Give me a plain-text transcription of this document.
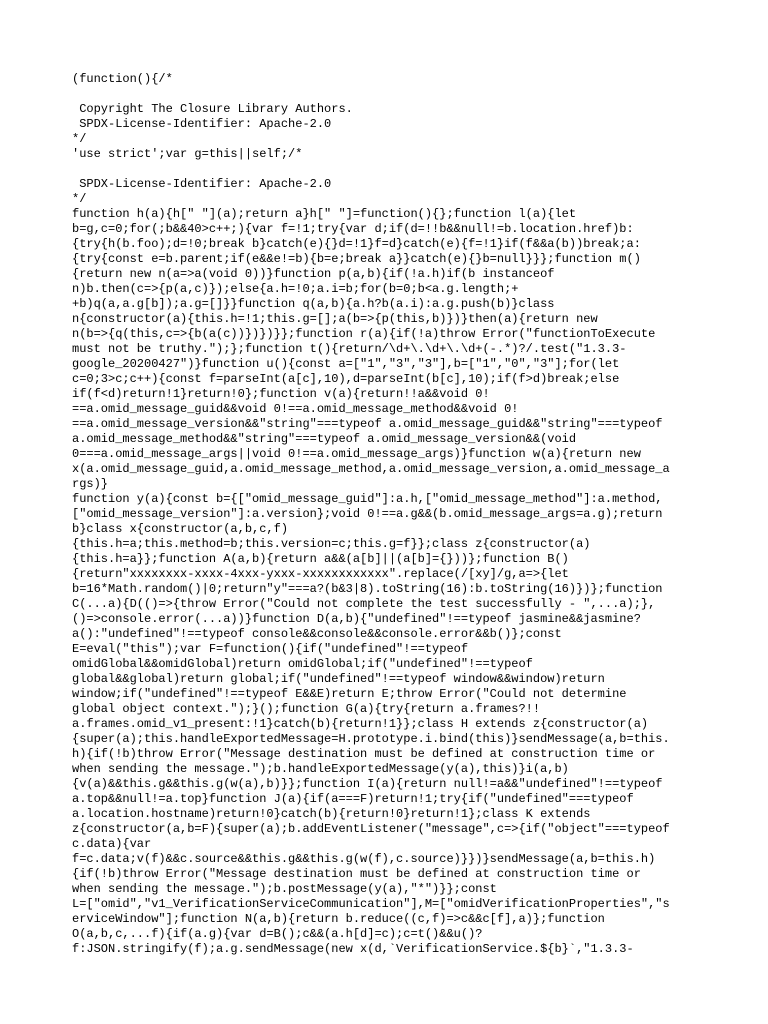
(function(){/*
Copyright The Closure Library Authors.
SPDX-License-Identifier: Apache-2.0
*/
'use strict';var g=this||self;/*
SPDX-License-Identifier: Apache-2.0
*/
function h(a){h[" "](a);return a}h[" "]=function(){};function l(a){let
b=g,c=0;for(;b&&40>c++;){var f=!1;try{var d;if(d=!!b&&null!=b.location.href)b:
{try{h(b.foo);d=!0;break b}catch(e){}d=!1}f=d}catch(e){f=!1}if(f&&a(b))break;a:
{try{const e=b.parent;if(e&&e!=b){b=e;break a}}catch(e){}b=null}}};function m()
{return new n(a=>a(void 0))}function p(a,b){if(!a.h)if(b instanceof
n)b.then(c=>{p(a,c)});else{a.h=!0;a.i=b;for(b=0;b<a.g.length;+
+b)q(a,a.g[b]);a.g=[]}}function q(a,b){a.h?b(a.i):a.g.push(b)}class
n{constructor(a){this.h=!1;this.g=[];a(b=>{p(this,b)})}then(a){return new
n(b=>{q(this,c=>{b(a(c))})})}};function r(a){if(!a)throw Error("functionToExecute
must not be truthy.");};function t(){return/\d+\.\d+\.\d+(-.*)?/.test("1.3.3-
google_20200427")}function u(){const a=["1","3","3"],b=["1","0","3"];for(let
c=0;3>c;c++){const f=parseInt(a[c],10),d=parseInt(b[c],10);if(f>d)break;else
if(f<d)return!1}return!0};function v(a){return!!a&&void 0!
==a.omid_message_guid&&void 0!==a.omid_message_method&&void 0!
==a.omid_message_version&&"string"===typeof a.omid_message_guid&&"string"===typeof
a.omid_message_method&&"string"===typeof a.omid_message_version&&(void
0===a.omid_message_args||void 0!==a.omid_message_args)}function w(a){return new
x(a.omid_message_guid,a.omid_message_method,a.omid_message_version,a.omid_message_a
rgs)}
function y(a){const b={["omid_message_guid"]:a.h,["omid_message_method"]:a.method,
["omid_message_version"]:a.version};void 0!==a.g&&(b.omid_message_args=a.g);return
b}class x{constructor(a,b,c,f)
{this.h=a;this.method=b;this.version=c;this.g=f}};class z{constructor(a)
{this.h=a}};function A(a,b){return a&&(a[b]||(a[b]={}))};function B()
{return"xxxxxxxx-xxxx-4xxx-yxxx-xxxxxxxxxxxx".replace(/[xy]/g,a=>{let
b=16*Math.random()|0;return"y"===a?(b&3|8).toString(16):b.toString(16)})};function
C(...a){D(()=>{throw Error("Could not complete the test successfully - ",...a);},
()=>console.error(...a))}function D(a,b){"undefined"!==typeof jasmine&&jasmine?
a():"undefined"!==typeof console&&console&&console.error&&b()};const
E=eval("this");var F=function(){if("undefined"!==typeof
omidGlobal&&omidGlobal)return omidGlobal;if("undefined"!==typeof
global&&global)return global;if("undefined"!==typeof window&&window)return
window;if("undefined"!==typeof E&&E)return E;throw Error("Could not determine
global object context.");}();function G(a){try{return a.frames?!!
a.frames.omid_v1_present:!1}catch(b){return!1}};class H extends z{constructor(a)
{super(a);this.handleExportedMessage=H.prototype.i.bind(this)}sendMessage(a,b=this.
h){if(!b)throw Error("Message destination must be defined at construction time or
when sending the message.");b.handleExportedMessage(y(a),this)}i(a,b)
{v(a)&&this.g&&this.g(w(a),b)}};function I(a){return null!=a&&"undefined"!==typeof
a.top&&null!=a.top}function J(a){if(a===F)return!1;try{if("undefined"===typeof
a.location.hostname)return!0}catch(b){return!0}return!1};class K extends
z{constructor(a,b=F){super(a);b.addEventListener("message",c=>{if("object"===typeof
c.data){var
f=c.data;v(f)&&c.source&&this.g&&this.g(w(f),c.source)}})}sendMessage(a,b=this.h)
{if(!b)throw Error("Message destination must be defined at construction time or
when sending the message.");b.postMessage(y(a),"*")}};const
L=["omid","v1_VerificationServiceCommunication"],M=["omidVerificationProperties","s
erviceWindow"];function N(a,b){return b.reduce((c,f)=>c&&c[f],a)};function
O(a,b,c,...f){if(a.g){var d=B();c&&(a.h[d]=c);c=t()&&u()?
f:JSON.stringify(f);a.g.sendMessage(new x(d,`VerificationService.${b}`,"1.3.3-
